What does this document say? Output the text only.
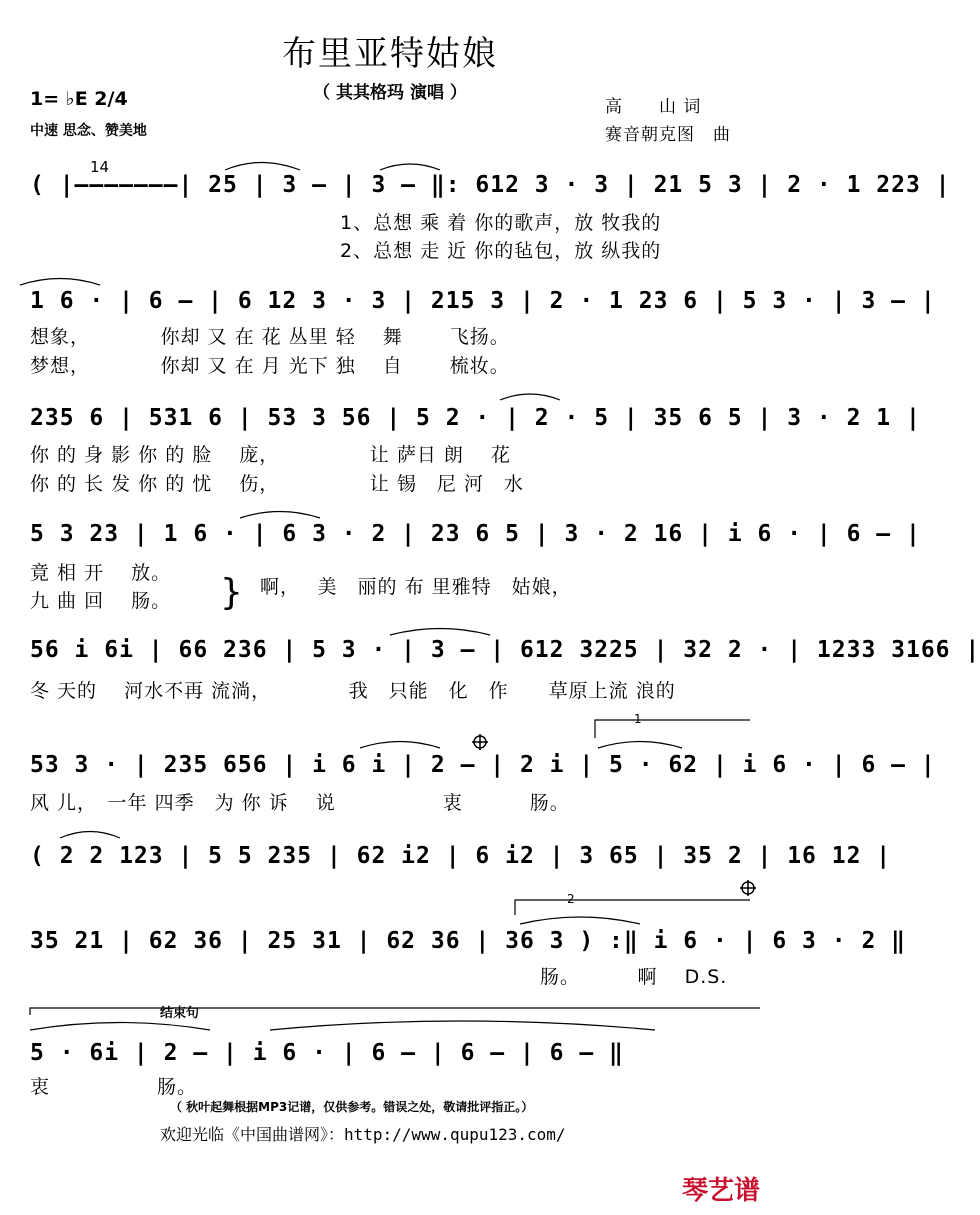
布里亚特姑娘
（ 其其格玛 演唱 ）
1= ♭E 2/4
中速 思念、赞美地
高　　山 词
赛音朝克图　曲
14
( |———————| 25 | 3 – | 3 – ‖: 612 3 · 3 | 21 5 3 | 2 · 1 223 |
1、总想 乘 着 你的歌声，放 牧我的
2、总想 走 近 你的毡包，放 纵我的
1 6 · | 6 – | 6 12 3 · 3 | 215 3 | 2 · 1 23 6 | 5 3 · | 3 – |
想象，　　　　你却 又 在 花 丛里 轻　 舞　　 飞扬。
梦想，　　　　你却 又 在 月 光下 独　 自　　 梳妆。
235 6 | 531 6 | 53 3 56 | 5 2 · | 2 · 5 | 35 6 5 | 3 · 2 1 |
你 的 身 影 你 的 脸　 庞，　　　　　让 萨日 朗　 花
你 的 长 发 你 的 忧　 伤，　　　　　让 锡　尼 河　水
5 3 23 | 1 6 · | 6 3 · 2 | 23 6 5 | 3 · 2 16 | i 6 · | 6 – |
竟 相 开　 放。
九 曲 回　 肠。 } 啊，　 美　丽的 布 里雅特　姑娘，
56 i 6i | 66 236 | 5 3 · | 3 – | 612 3225 | 32 2 · | 1233 3166 |
冬 天的　 河水不再 流淌，　　　　 我　只能　化　作　　草原上流 浪的
1
53 3 · | 235 656 | i 6 i | 2 – | 2 i | 5 · 62 | i 6 · | 6 – |
风 儿，　一年 四季　为 你 诉　 说　　　　　 衷　　　 肠。
( 2 2 123 | 5 5 235 | 62 i2 | 6 i2 | 3 65 | 35 2 | 16 12 |
2
35 21 | 62 36 | 25 31 | 62 36 | 36 3 ) :‖ i 6 · | 6 3 · 2 ‖
肠。　　　 啊　 D.S.
结束句
5 · 6i | 2 – | i 6 · | 6 – | 6 – | 6 – ‖
衷　　　　　 肠。
（ 秋叶起舞根据MP3记谱，仅供参考。错误之处，敬请批评指正。）
欢迎光临《中国曲谱网》：http://www.qupu123.com/
琴艺谱
